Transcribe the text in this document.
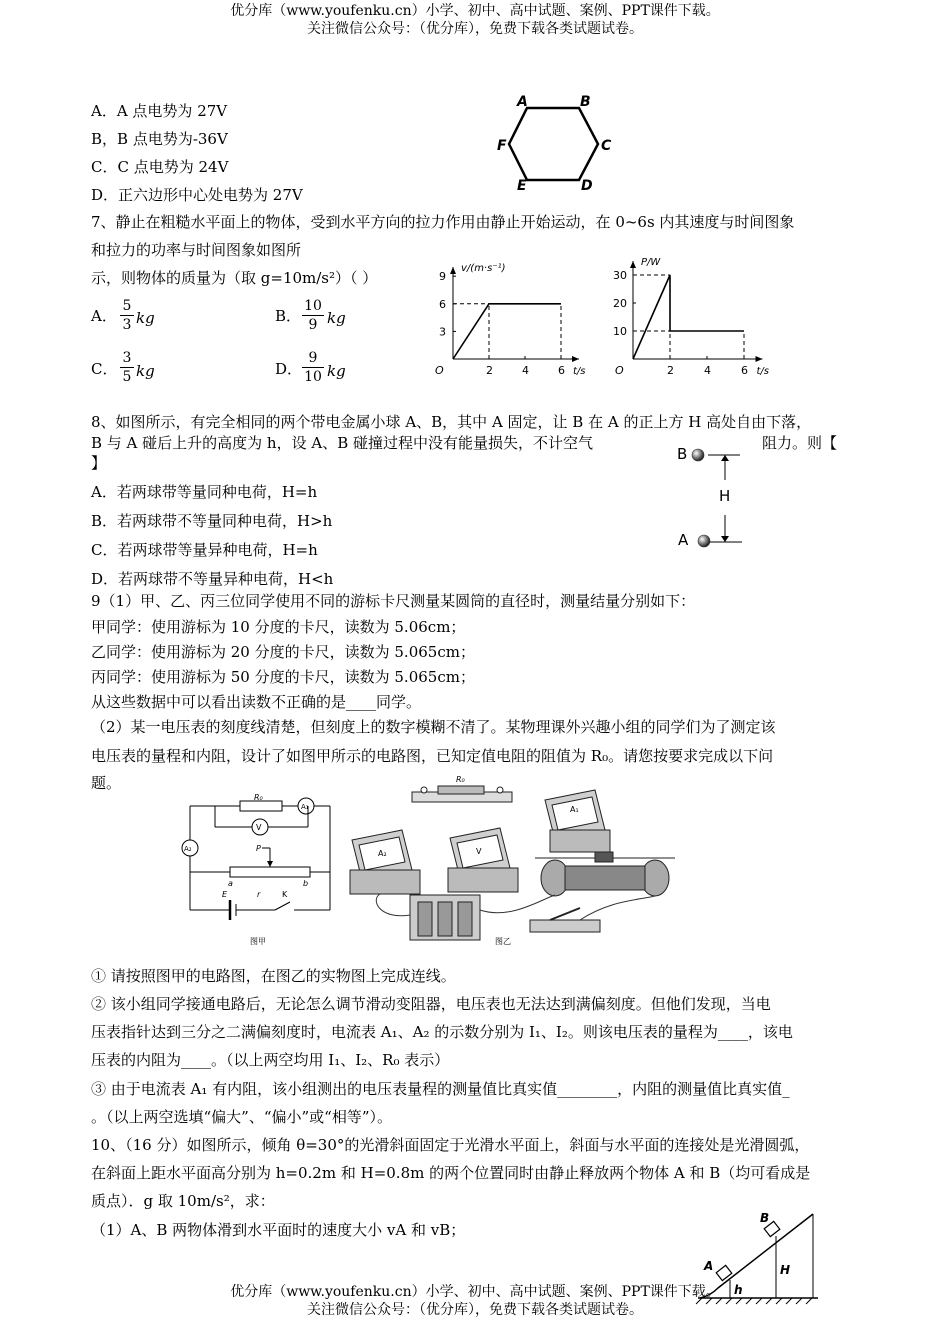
优分库（www.youfenku.cn）小学、初中、高中试题、案例、PPT课件下载。
关注微信公众号：（优分库），免费下载各类试题试卷。
A．A 点电势为 27V
B，B 点电势为-36V
C．C 点电势为 24V
D．正六边形中心处电势为 27V
A	B
C
D
E
F
7、静止在粗糙水平面上的物体，受到水平方向的拉力作用由静止开始运动，在 0~6s 内其速度与时间图象
和拉力的功率与时间图象如图所
示，则物体的质量为（取 g=10m/s²）（ ）
A．
5
3 kg	B．
10
9 kg
C．
3
5 kg	D．
9
10 kg	O	t/s
v/(m·s⁻¹)
2	4	6
3
6
9
O	t/s
P/W
2	4	6
10
20
30
8、如图所示，有完全相同的两个带电金属小球 A、B，其中 A 固定，让 B 在 A 的正上方 H 高处自由下落，
B 与 A 碰后上升的高度为 h，设 A、B 碰撞过程中没有能量损失，不计空气	阻力。则【
】
A．若两球带等量同种电荷，H=h
B．若两球带不等量同种电荷，H>h
C．若两球带等量异种电荷，H=h
D．若两球带不等量异种电荷，H<h
B
H
A
9（1）甲、乙、丙三位同学使用不同的游标卡尺测量某圆筒的直径时，测量结量分别如下：
甲同学：使用游标为 10 分度的卡尺，读数为 5.06cm；
乙同学：使用游标为 20 分度的卡尺，读数为 5.065cm；
丙同学：使用游标为 50 分度的卡尺，读数为 5.065cm；
从这些数据中可以看出读数不正确的是____同学。
（2）某一电压表的刻度线清楚，但刻度上的数字模糊不清了。某物理课外兴趣小组的同学们为了测定该
电压表的量程和内阻，设计了如图甲所示的电路图，已知定值电阻的阻值为 R₀。请您按要求完成以下问
题。
R₀
A₁
V
A₂	P
a	b
E	r	K
图甲
R₀
A₁
A₂	V
图乙
① 请按照图甲的电路图，在图乙的实物图上完成连线。
② 该小组同学接通电路后，无论怎么调节滑动变阻器，电压表也无法达到满偏刻度。但他们发现，当电
压表指针达到三分之二满偏刻度时，电流表 A₁、A₂ 的示数分别为 I₁、I₂。则该电压表的量程为____，该电
压表的内阻为____。（以上两空均用 I₁、I₂、R₀ 表示）
③ 由于电流表 A₁ 有内阻，该小组测出的电压表量程的测量值比真实值________，内阻的测量值比真实值_
。（以上两空选填“偏大”、“偏小”或“相等”）。
10、（16 分）如图所示，倾角 θ=30°的光滑斜面固定于光滑水平面上，斜面与水平面的连接处是光滑圆弧，
在斜面上距水平面高分别为 h=0.2m 和 H=0.8m 的两个位置同时由静止释放两个物体 A 和 B（均可看成是
质点）．g 取 10m/s²，求：
（1）A、B 两物体滑到水平面时的速度大小 vA 和 vB；
A
B
h
H
优分库（www.youfenku.cn）小学、初中、高中试题、案例、PPT课件下载。
关注微信公众号：（优分库），免费下载各类试题试卷。
